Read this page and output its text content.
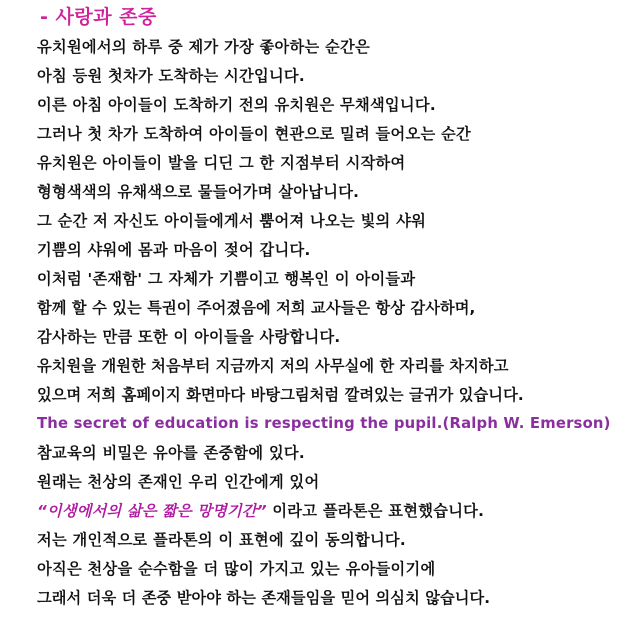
- 사랑과 존중
유치원에서의 하루 중 제가 가장 좋아하는 순간은
아침 등원 첫차가 도착하는 시간입니다.
이른 아침 아이들이 도착하기 전의 유치원은 무채색입니다.
그러나 첫 차가 도착하여 아이들이 현관으로 밀려 들어오는 순간
유치원은 아이들이 발을 디딘 그 한 지점부터 시작하여
형형색색의 유채색으로 물들어가며 살아납니다.
그 순간 저 자신도 아이들에게서 뿜어져 나오는 빛의 샤워
기쁨의 샤워에 몸과 마음이 젖어 갑니다.
이처럼 '존재함' 그 자체가 기쁨이고 행복인 이 아이들과
함께 할 수 있는 특권이 주어졌음에 저희 교사들은 항상 감사하며,
감사하는 만큼 또한 이 아이들을 사랑합니다.
유치원을 개원한 처음부터 지금까지 저의 사무실에 한 자리를 차지하고
있으며 저희 홈페이지 화면마다 바탕그림처럼 깔려있는 글귀가 있습니다.
The secret of education is respecting the pupil.(Ralph W. Emerson)
참교육의 비밀은 유아를 존중함에 있다.
원래는 천상의 존재인 우리 인간에게 있어
“이생에서의 삶은 짧은 망명기간” 이라고 플라톤은 표현했습니다.
저는 개인적으로 플라톤의 이 표현에 깊이 동의합니다.
아직은 천상을 순수함을 더 많이 가지고 있는 유아들이기에
그래서 더욱 더 존중 받아야 하는 존재들임을 믿어 의심치 않습니다.
